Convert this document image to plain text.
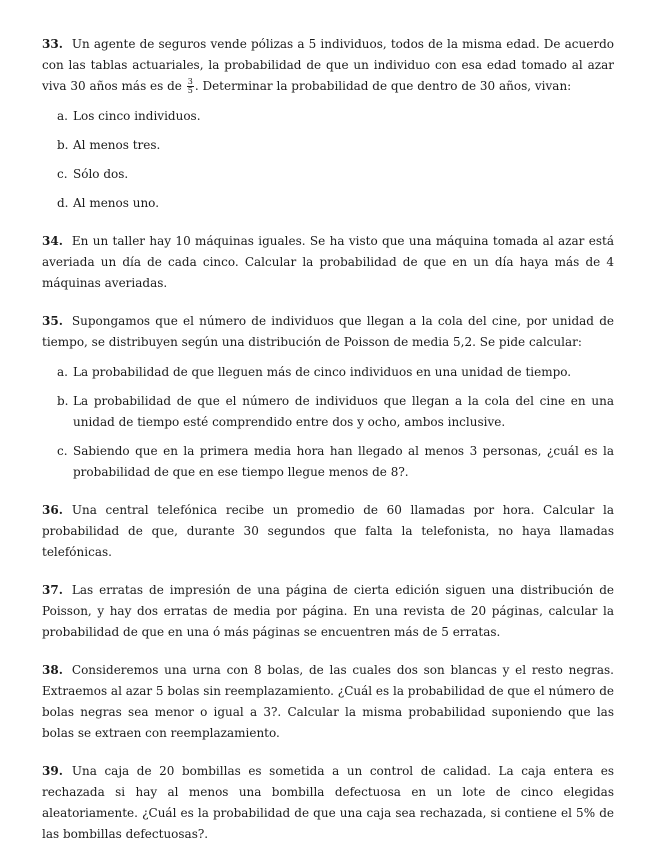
33. Un agente de seguros vende pólizas a 5 individuos, todos de la misma edad. De acuerdo con las tablas actuariales, la probabilidad de que un individuo con esa edad tomado al azar viva 30 años más es de $\frac{3}{5}$ . Determinar la probabilidad de que dentro de 30 años, vivan:

a. Los cinco individuos.
b. Al menos tres.
c. Sólo dos.
d. Al menos uno.

34. En un taller hay 10 máquinas iguales. Se ha visto que una máquina tomada al azar está averiada un día de cada cinco. Calcular la probabilidad de que en un día haya más de 4 máquinas averiadas.

35. Supongamos que el número de individuos que llegan a la cola del cine, por unidad de tiempo, se distribuyen según una distribución de Poisson de media 5,2. Se pide calcular:

a. La probabilidad de que lleguen más de cinco individuos en una unidad de tiempo.
b. La probabilidad de que el número de individuos que llegan a la cola del cine en una unidad de tiempo esté comprendido entre dos y ocho, ambos inclusive.
c. Sabiendo que en la primera media hora han llegado al menos 3 personas, ¿cuál es la probabilidad de que en ese tiempo llegue menos de 8?.

36. Una central telefónica recibe un promedio de 60 llamadas por hora. Calcular la probabilidad de que, durante 30 segundos que falta la telefonista, no haya llamadas telefónicas.

37. Las erratas de impresión de una página de cierta edición siguen una distribución de Poisson, y hay dos erratas de media por página. En una revista de 20 páginas, calcular la probabilidad de que en una ó más páginas se encuentren más de 5 erratas.

38. Consideremos una urna con 8 bolas, de las cuales dos son blancas y el resto negras. Extraemos al azar 5 bolas sin reemplazamiento. ¿Cuál es la probabilidad de que el número de bolas negras sea menor o igual a 3?. Calcular la misma probabilidad suponiendo que las bolas se extraen con reemplazamiento.

39. Una caja de 20 bombillas es sometida a un control de calidad. La caja entera es rechazada si hay al menos una bombilla defectuosa en un lote de cinco elegidas aleatoriamente. ¿Cuál es la probabilidad de que una caja sea rechazada, si contiene el 5% de las bombillas defectuosas?.
